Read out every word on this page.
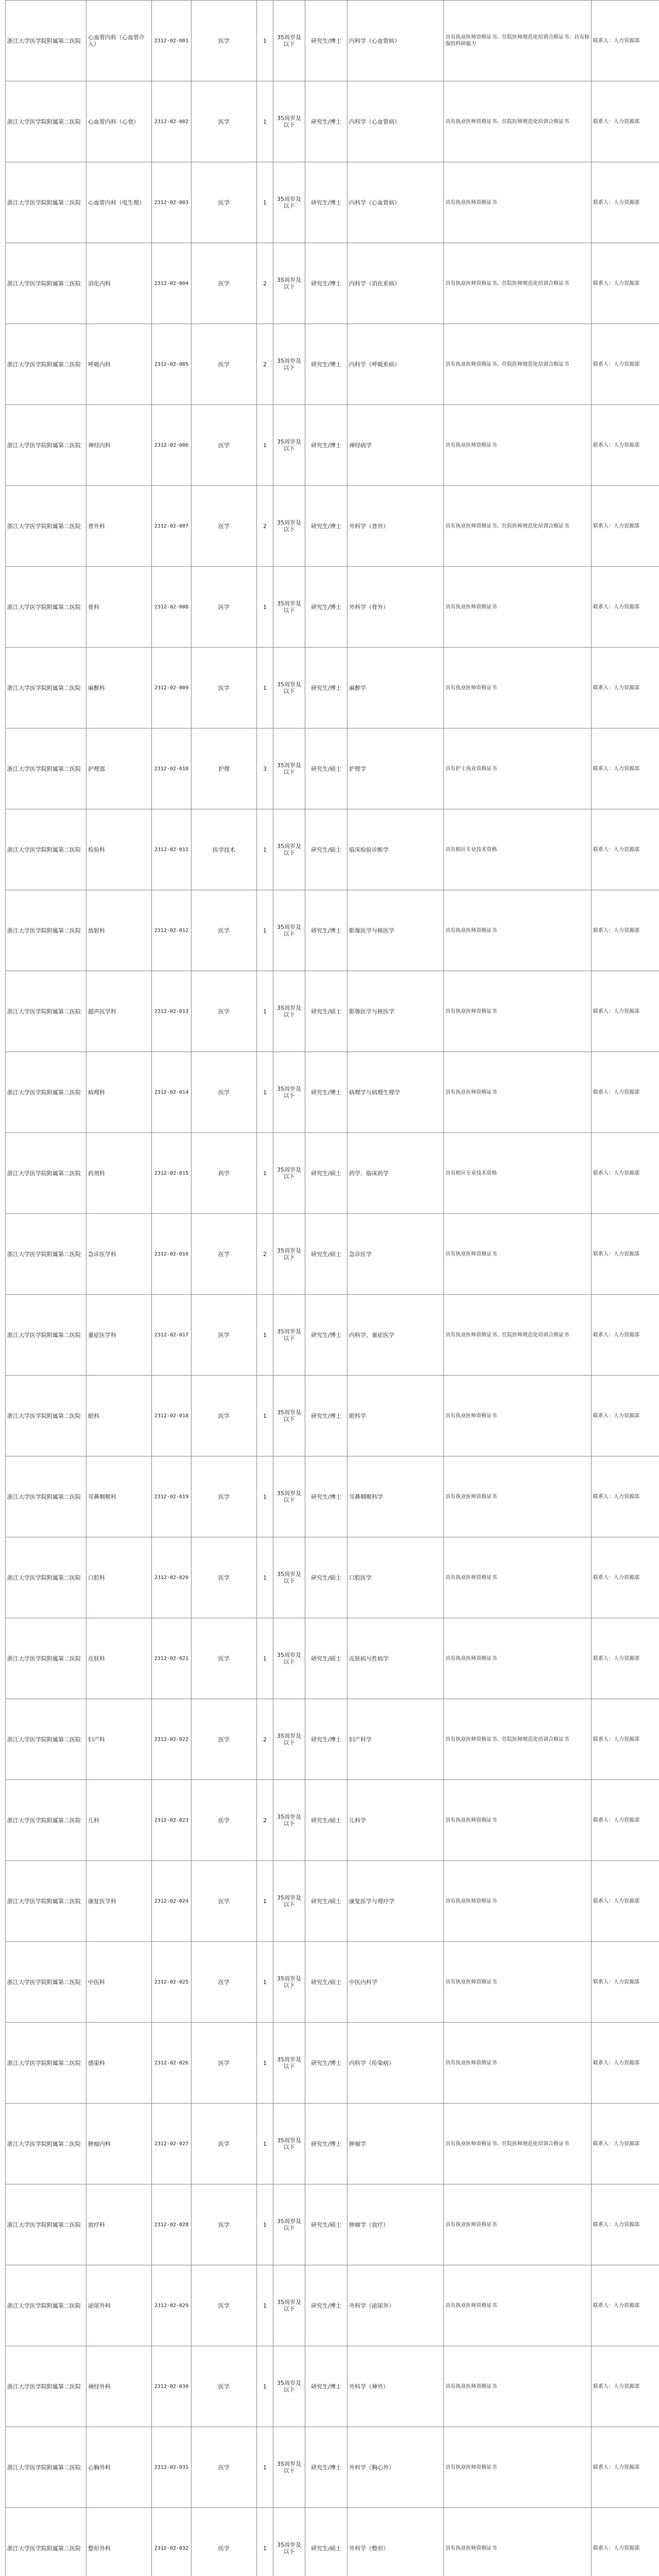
浙江大学医学院附属第二医院	心血管内科（心血管介入）	2312-02-001	医学	1	35周岁及以下	研究生/博士	内科学（心血管病）	具有执业医师资格证书、住院医师规范化培训合格证书；具有较强的科研能力	联系人：人力资源部
浙江大学医学院附属第二医院	心血管内科（心衰）	2312-02-002	医学	1	35周岁及以下	研究生/博士	内科学（心血管病）	具有执业医师资格证书、住院医师规范化培训合格证书	联系人：人力资源部
浙江大学医学院附属第二医院	心血管内科（电生理）	2312-02-003	医学	1	35周岁及以下	研究生/博士	内科学（心血管病）	具有执业医师资格证书	联系人：人力资源部
浙江大学医学院附属第二医院	消化内科	2312-02-004	医学	2	35周岁及以下	研究生/博士	内科学（消化系病）	具有执业医师资格证书、住院医师规范化培训合格证书	联系人：人力资源部
浙江大学医学院附属第二医院	呼吸内科	2312-02-005	医学	2	35周岁及以下	研究生/博士	内科学（呼吸系病）	具有执业医师资格证书、住院医师规范化培训合格证书	联系人：人力资源部
浙江大学医学院附属第二医院	神经内科	2312-02-006	医学	1	35周岁及以下	研究生/博士	神经病学	具有执业医师资格证书	联系人：人力资源部
浙江大学医学院附属第二医院	普外科	2312-02-007	医学	2	35周岁及以下	研究生/博士	外科学（普外）	具有执业医师资格证书、住院医师规范化培训合格证书	联系人：人力资源部
浙江大学医学院附属第二医院	骨科	2312-02-008	医学	1	35周岁及以下	研究生/博士	外科学（骨外）	具有执业医师资格证书	联系人：人力资源部
浙江大学医学院附属第二医院	麻醉科	2312-02-009	医学	1	35周岁及以下	研究生/博士	麻醉学	具有执业医师资格证书	联系人：人力资源部
浙江大学医学院附属第二医院	护理部	2312-02-010	护理	3	35周岁及以下	研究生/硕士	护理学	具有护士执业资格证书	联系人：人力资源部
浙江大学医学院附属第二医院	检验科	2312-02-011	医学技术	1	35周岁及以下	研究生/硕士	临床检验诊断学	具有相应专业技术资格	联系人：人力资源部
浙江大学医学院附属第二医院	放射科	2312-02-012	医学	1	35周岁及以下	研究生/博士	影像医学与核医学	具有执业医师资格证书	联系人：人力资源部
浙江大学医学院附属第二医院	超声医学科	2312-02-013	医学	1	35周岁及以下	研究生/硕士	影像医学与核医学	具有执业医师资格证书	联系人：人力资源部
浙江大学医学院附属第二医院	病理科	2312-02-014	医学	1	35周岁及以下	研究生/博士	病理学与病理生理学	具有执业医师资格证书	联系人：人力资源部
浙江大学医学院附属第二医院	药剂科	2312-02-015	药学	1	35周岁及以下	研究生/硕士	药学、临床药学	具有相应专业技术资格	联系人：人力资源部
浙江大学医学院附属第二医院	急诊医学科	2312-02-016	医学	2	35周岁及以下	研究生/硕士	急诊医学	具有执业医师资格证书	联系人：人力资源部
浙江大学医学院附属第二医院	重症医学科	2312-02-017	医学	1	35周岁及以下	研究生/博士	内科学、重症医学	具有执业医师资格证书、住院医师规范化培训合格证书	联系人：人力资源部
浙江大学医学院附属第二医院	眼科	2312-02-018	医学	1	35周岁及以下	研究生/博士	眼科学	具有执业医师资格证书	联系人：人力资源部
浙江大学医学院附属第二医院	耳鼻咽喉科	2312-02-019	医学	1	35周岁及以下	研究生/博士	耳鼻咽喉科学	具有执业医师资格证书	联系人：人力资源部
浙江大学医学院附属第二医院	口腔科	2312-02-020	医学	1	35周岁及以下	研究生/硕士	口腔医学	具有执业医师资格证书	联系人：人力资源部
浙江大学医学院附属第二医院	皮肤科	2312-02-021	医学	1	35周岁及以下	研究生/硕士	皮肤病与性病学	具有执业医师资格证书	联系人：人力资源部
浙江大学医学院附属第二医院	妇产科	2312-02-022	医学	2	35周岁及以下	研究生/博士	妇产科学	具有执业医师资格证书、住院医师规范化培训合格证书	联系人：人力资源部
浙江大学医学院附属第二医院	儿科	2312-02-023	医学	2	35周岁及以下	研究生/硕士	儿科学	具有执业医师资格证书	联系人：人力资源部
浙江大学医学院附属第二医院	康复医学科	2312-02-024	医学	1	35周岁及以下	研究生/硕士	康复医学与理疗学	具有执业医师资格证书	联系人：人力资源部
浙江大学医学院附属第二医院	中医科	2312-02-025	医学	1	35周岁及以下	研究生/硕士	中医内科学	具有执业医师资格证书	联系人：人力资源部
浙江大学医学院附属第二医院	感染科	2312-02-026	医学	1	35周岁及以下	研究生/博士	内科学（传染病）	具有执业医师资格证书	联系人：人力资源部
浙江大学医学院附属第二医院	肿瘤内科	2312-02-027	医学	1	35周岁及以下	研究生/博士	肿瘤学	具有执业医师资格证书、住院医师规范化培训合格证书	联系人：人力资源部
浙江大学医学院附属第二医院	放疗科	2312-02-028	医学	1	35周岁及以下	研究生/硕士	肿瘤学（放疗）	具有执业医师资格证书	联系人：人力资源部
浙江大学医学院附属第二医院	泌尿外科	2312-02-029	医学	1	35周岁及以下	研究生/博士	外科学（泌尿外）	具有执业医师资格证书	联系人：人力资源部
浙江大学医学院附属第二医院	神经外科	2312-02-030	医学	1	35周岁及以下	研究生/博士	外科学（神外）	具有执业医师资格证书	联系人：人力资源部
浙江大学医学院附属第二医院	心胸外科	2312-02-031	医学	1	35周岁及以下	研究生/博士	外科学（胸心外）	具有执业医师资格证书	联系人：人力资源部
浙江大学医学院附属第二医院	整形外科	2312-02-032	医学	1	35周岁及以下	研究生/硕士	外科学（整形）	具有执业医师资格证书	联系人：人力资源部
